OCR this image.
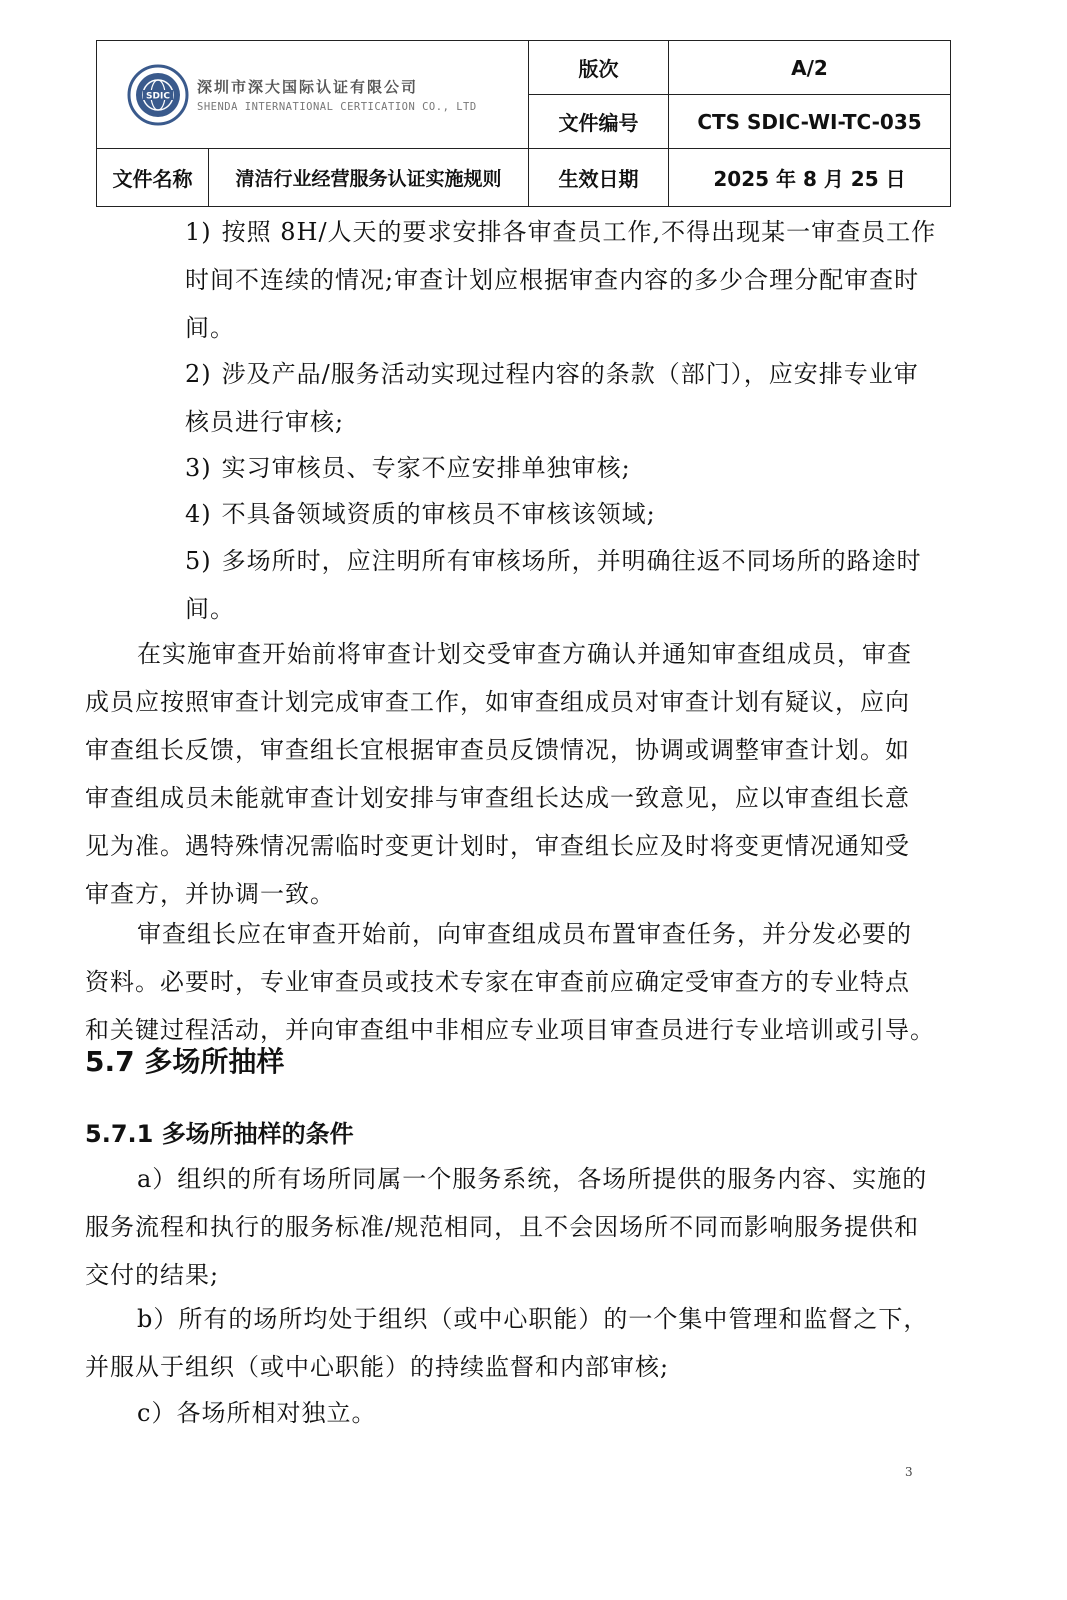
SDIC 深圳市深大国际认证有限公司
SHENDA INTERNATIONAL CERTICATION CO., LTD		版次	A/2
		文件编号	CTS SDIC-WI-TC-035
文件名称	清洁行业经营服务认证实施规则	生效日期	2025 年 8 月 25 日
1) 按照 8H/人天的要求安排各审查员工作,不得出现某一审查员工作
时间不连续的情况;审查计划应根据审查内容的多少合理分配审查时
间。
2) 涉及产品/服务活动实现过程内容的条款（部门），应安排专业审
核员进行审核;
3) 实习审核员、专家不应安排单独审核;
4) 不具备领域资质的审核员不审核该领域;
5) 多场所时，应注明所有审核场所，并明确往返不同场所的路途时
间。
在实施审查开始前将审查计划交受审查方确认并通知审查组成员，审查
成员应按照审查计划完成审查工作，如审查组成员对审查计划有疑议，应向
审查组长反馈，审查组长宜根据审查员反馈情况，协调或调整审查计划。如
审查组成员未能就审查计划安排与审查组长达成一致意见，应以审查组长意
见为准。遇特殊情况需临时变更计划时，审查组长应及时将变更情况通知受
审查方，并协调一致。
审查组长应在审查开始前，向审查组成员布置审查任务，并分发必要的
资料。必要时，专业审查员或技术专家在审查前应确定受审查方的专业特点
和关键过程活动，并向审查组中非相应专业项目审查员进行专业培训或引导。
5.7 多场所抽样
5.7.1 多场所抽样的条件
a）组织的所有场所同属一个服务系统，各场所提供的服务内容、实施的
服务流程和执行的服务标准/规范相同，且不会因场所不同而影响服务提供和
交付的结果;
b）所有的场所均处于组织（或中心职能）的一个集中管理和监督之下，
并服从于组织（或中心职能）的持续监督和内部审核;
c）各场所相对独立。
3
